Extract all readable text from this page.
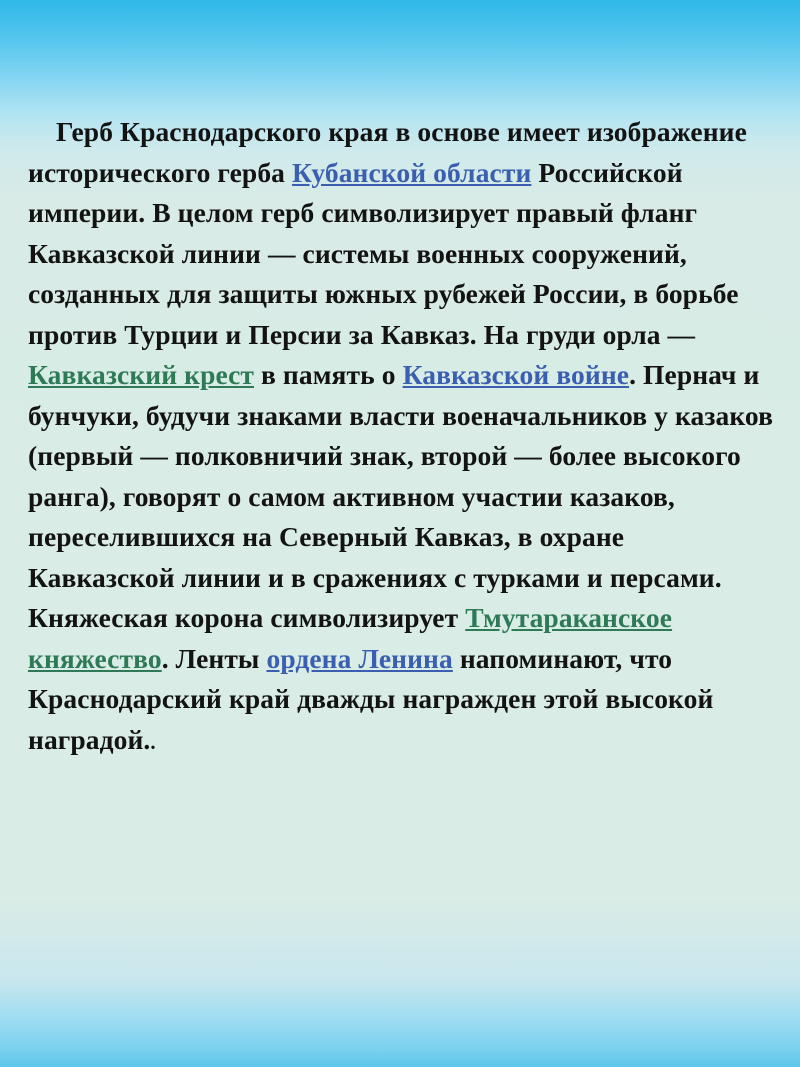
Герб Краснодарского края в основе имеет изображение исторического герба Кубанской области Российской империи. В целом герб символизирует правый фланг Кавказской линии — системы военных сооружений, созданных для защиты южных рубежей России, в борьбе против Турции и Персии за Кавказ. На груди орла — Кавказский крест в память о Кавказской войне. Пернач и бунчуки, будучи знаками власти военачальников у казаков (первый — полковничий знак, второй — более высокого ранга), говорят о самом активном участии казаков, переселившихся на Северный Кавказ, в охране Кавказской линии и в сражениях с турками и персами. Княжеская корона символизирует Тмутараканское княжество. Ленты ордена Ленина напоминают, что Краснодарский край дважды награжден этой высокой наградой..
